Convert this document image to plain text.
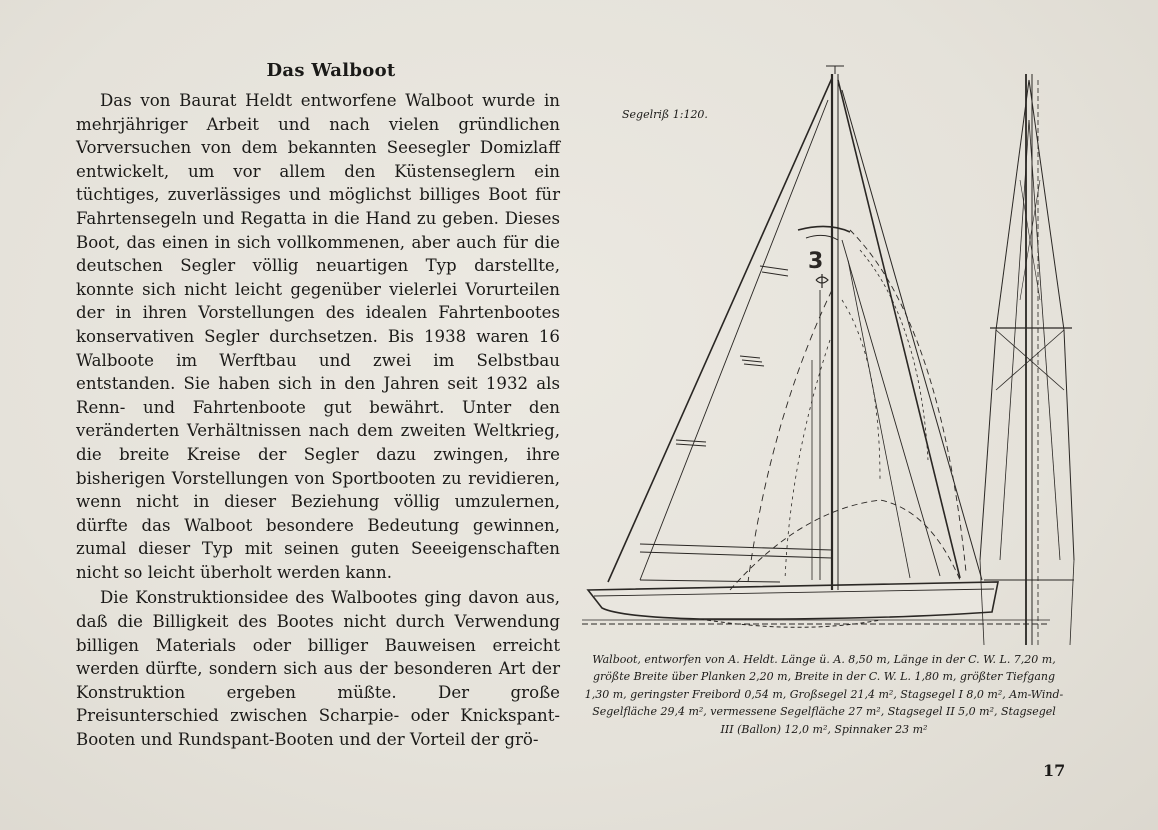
Das Walboot

Das von Baurat Heldt entworfene Walboot wurde in mehrjähriger Arbeit und nach vielen gründlichen Vorversuchen von dem bekannten Seesegler Domizlaff entwickelt, um vor allem den Küstenseglern ein tüchtiges, zuverlässiges und möglichst billiges Boot für Fahrtensegeln und Regatta in die Hand zu geben. Dieses Boot, das einen in sich vollkommenen, aber auch für die deutschen Segler völlig neuartigen Typ darstellte, konnte sich nicht leicht gegenüber vielerlei Vorurteilen der in ihren Vorstellungen des idealen Fahrtenbootes konservativen Segler durchsetzen. Bis 1938 waren 16 Walboote im Werftbau und zwei im Selbstbau entstanden. Sie haben sich in den Jahren seit 1932 als Renn- und Fahrtenboote gut bewährt. Unter den veränderten Verhältnissen nach dem zweiten Weltkrieg, die breite Kreise der Segler dazu zwingen, ihre bisherigen Vorstellungen von Sportbooten zu revidieren, wenn nicht in dieser Beziehung völlig umzulernen, dürfte das Walboot besondere Bedeutung gewinnen, zumal dieser Typ mit seinen guten Seeeigenschaften nicht so leicht überholt werden kann.

Die Konstruktionsidee des Walbootes ging davon aus, daß die Billigkeit des Bootes nicht durch Verwendung billigen Materials oder billiger Bauweisen erreicht werden dürfte, sondern sich aus der besonderen Art der Konstruktion ergeben müßte. Der große Preisunterschied zwischen Scharpie- oder Knickspant-Booten und Rundspant-Booten und der Vorteil der grö-

Segelriß 1:120.
3
Walboot, entworfen von A. Heldt. Länge ü. A. 8,50 m, Länge in der C. W. L. 7,20 m, größte Breite über Planken 2,20 m, Breite in der C. W. L. 1,80 m, größter Tiefgang 1,30 m, geringster Freibord 0,54 m, Großsegel 21,4 m², Stagsegel I 8,0 m², Am-Wind-Segelfläche 29,4 m², vermessene Segelfläche 27 m², Stagsegel II 5,0 m², Stagsegel III (Ballon) 12,0 m², Spinnaker 23 m²
17
